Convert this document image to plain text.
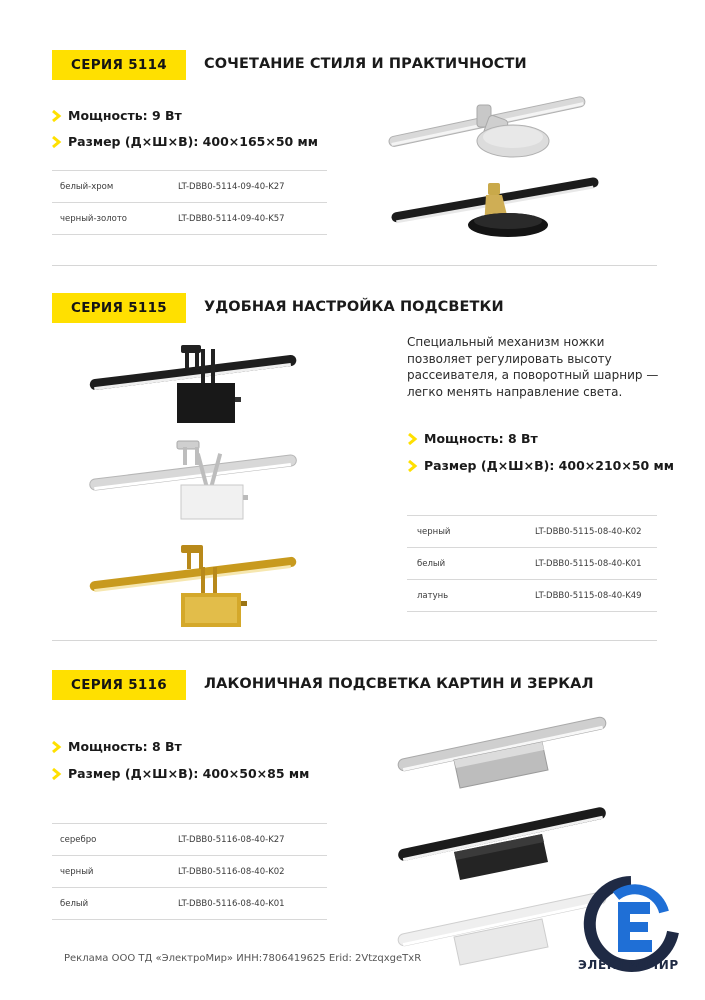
СЕРИЯ 5114	СОЧЕТАНИЕ СТИЛЯ И ПРАКТИЧНОСТИ
Мощность: 9 Вт
Размер (Д×Ш×В): 400×165×50 мм
белый-хром	LT-DBB0-5114-09-40-K27
черный-золото	LT-DBB0-5114-09-40-K57
СЕРИЯ 5115	УДОБНАЯ НАСТРОЙКА ПОДСВЕТКИ
Специальный механизм ножки
позволяет регулировать высоту
рассеивателя, а поворотный шарнир —
легко менять направление света.
Мощность: 8 Вт
Размер (Д×Ш×В): 400×210×50 мм
черный	LT-DBB0-5115-08-40-K02
белый	LT-DBB0-5115-08-40-K01
латунь	LT-DBB0-5115-08-40-K49
СЕРИЯ 5116	ЛАКОНИЧНАЯ ПОДСВЕТКА КАРТИН И ЗЕРКАЛ
Мощность: 8 Вт
Размер (Д×Ш×В): 400×50×85 мм
серебро	LT-DBB0-5116-08-40-K27
черный	LT-DBB0-5116-08-40-K02
белый	LT-DBB0-5116-08-40-K01
Реклама ООО ТД «ЭлектроМир» ИНН:7806419625 Erid: 2VtzqxgeTxR	ЭЛЕКТРОМИР
